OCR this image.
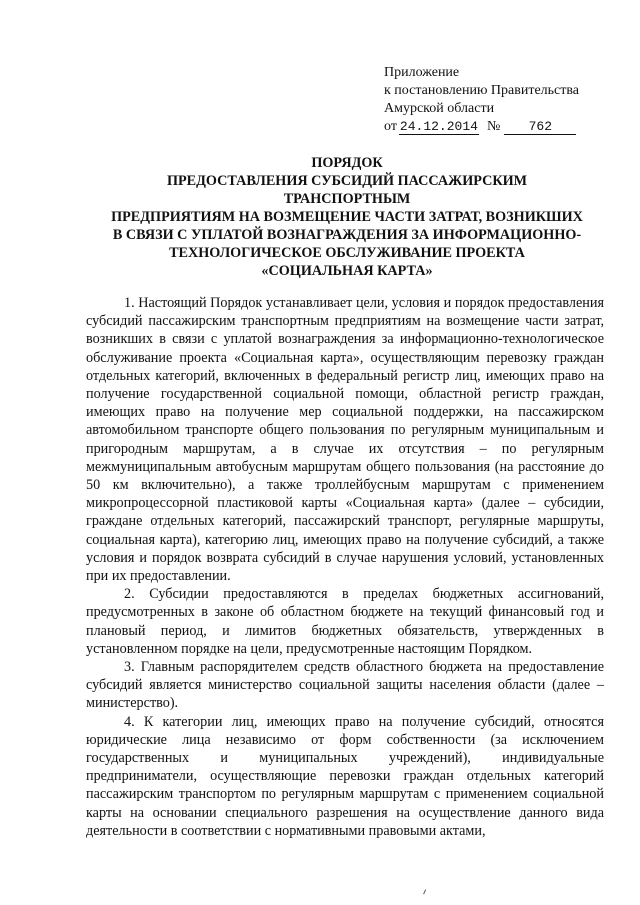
Приложение
к постановлению Правительства
Амурской области
от 24.12.2014 № 762
ПОРЯДОК
ПРЕДОСТАВЛЕНИЯ СУБСИДИЙ ПАССАЖИРСКИМ
ТРАНСПОРТНЫМ
ПРЕДПРИЯТИЯМ НА ВОЗМЕЩЕНИЕ ЧАСТИ ЗАТРАТ, ВОЗНИКШИХ
В СВЯЗИ С УПЛАТОЙ ВОЗНАГРАЖДЕНИЯ ЗА ИНФОРМАЦИОННО-
ТЕХНОЛОГИЧЕСКОЕ ОБСЛУЖИВАНИЕ ПРОЕКТА
«СОЦИАЛЬНАЯ КАРТА»

1. Настоящий Порядок устанавливает цели, условия и порядок предоставления субсидий пассажирским транспортным предприятиям на возмещение части затрат, возникших в связи с уплатой вознаграждения за информационно-технологическое обслуживание проекта «Социальная карта», осуществляющим перевозку граждан отдельных категорий, включенных в федеральный регистр лиц, имеющих право на получение государственной социальной помощи, областной регистр граждан, имеющих право на получение мер социальной поддержки, на пассажирском автомобильном транспорте общего пользования по регулярным муниципальным и пригородным маршрутам, а в случае их отсутствия – по регулярным межмуниципальным автобусным маршрутам общего пользования (на расстояние до 50 км включительно), а также троллейбусным маршрутам с применением микропроцессорной пластиковой карты «Социальная карта» (далее – субсидии, граждане отдельных категорий, пассажирский транспорт, регулярные маршруты, социальная карта), категорию лиц, имеющих право на получение субсидий, а также условия и порядок возврата субсидий в случае нарушения условий, установленных при их предоставлении.

2. Субсидии предоставляются в пределах бюджетных ассигнований, предусмотренных в законе об областном бюджете на текущий финансовый год и плановый период, и лимитов бюджетных обязательств, утвержденных в установленном порядке на цели, предусмотренные настоящим Порядком.

3. Главным распорядителем средств областного бюджета на предоставление субсидий является министерство социальной защиты населения области (далее – министерство).

4. К категории лиц, имеющих право на получение субсидий, относятся юридические лица независимо от форм собственности (за исключением государственных и муниципальных учреждений), индивидуальные предприниматели, осуществляющие перевозки граждан отдельных категорий пассажирским транспортом по регулярным маршрутам с применением социальной карты на основании специального разрешения на осуществление данного вида деятельности в соответствии с нормативными правовыми актами,
